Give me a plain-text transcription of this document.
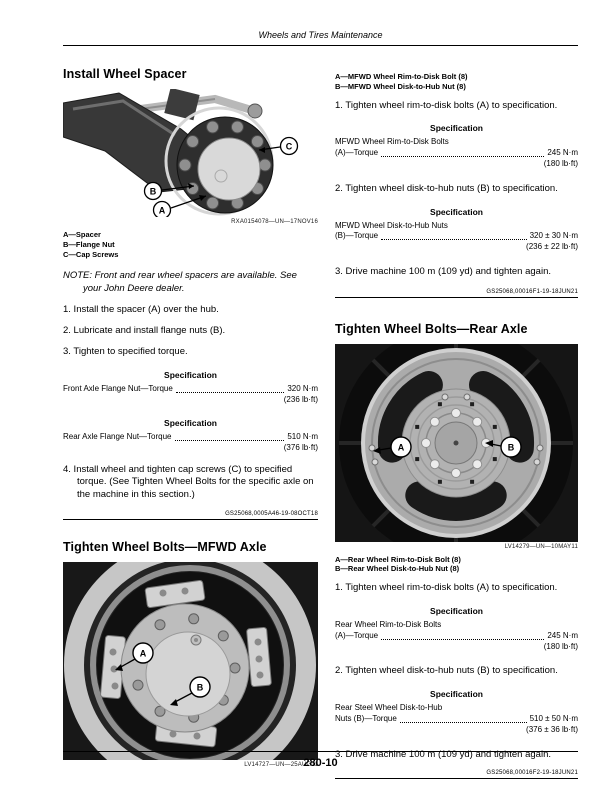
Wheels and Tires Maintenance
Install Wheel Spacer
C
B
A
RXA0154078—UN—17NOV16
A—Spacer
B—Flange Nut
C—Cap Screws
NOTE: Front and rear wheel spacers are available. See your John Deere dealer.
1. Install the spacer (A) over the hub.
2. Lubricate and install flange nuts (B).
3. Tighten to specified torque.
Specification
Front Axle Flange Nut—Torque	320 N·m
(236 lb·ft)
Specification
Rear Axle Flange Nut—Torque	510 N·m
(376 lb·ft)
4. Install wheel and tighten cap screws (C) to specified torque. (See Tighten Wheel Bolts for the specific axle on the machine in this section.)
GS25068,0005A46-19-08OCT18
Tighten Wheel Bolts—MFWD Axle
A
B
LV14727—UN—25AUG11
A—MFWD Wheel Rim-to-Disk Bolt (8)
B—MFWD Wheel Disk-to-Hub Nut (8)
1. Tighten wheel rim-to-disk bolts (A) to specification.
Specification
MFWD Wheel Rim-to-Disk Bolts
(A)—Torque	245 N·m
(180 lb·ft)
2. Tighten wheel disk-to-hub nuts (B) to specification.
Specification
MFWD Wheel Disk-to-Hub Nuts
(B)—Torque	320 ± 30 N·m
(236 ± 22 lb·ft)
3. Drive machine 100 m (109 yd) and tighten again.
GS25068,00016F1-19-18JUN21
Tighten Wheel Bolts—Rear Axle
A	B
LV14279—UN—10MAY11
A—Rear Wheel Rim-to-Disk Bolt (8)
B—Rear Wheel Disk-to-Hub Nut (8)
1. Tighten wheel rim-to-disk bolts (A) to specification.
Specification
Rear Wheel Rim-to-Disk Bolts
(A)—Torque	245 N·m
(180 lb·ft)
2. Tighten wheel disk-to-hub nuts (B) to specification.
Specification
Rear Steel Wheel Disk-to-Hub
Nuts (B)—Torque	510 ± 50 N·m
(376 ± 36 lb·ft)
3. Drive machine 100 m (109 yd) and tighten again.
GS25068,00016F2-19-18JUN21
280-10
